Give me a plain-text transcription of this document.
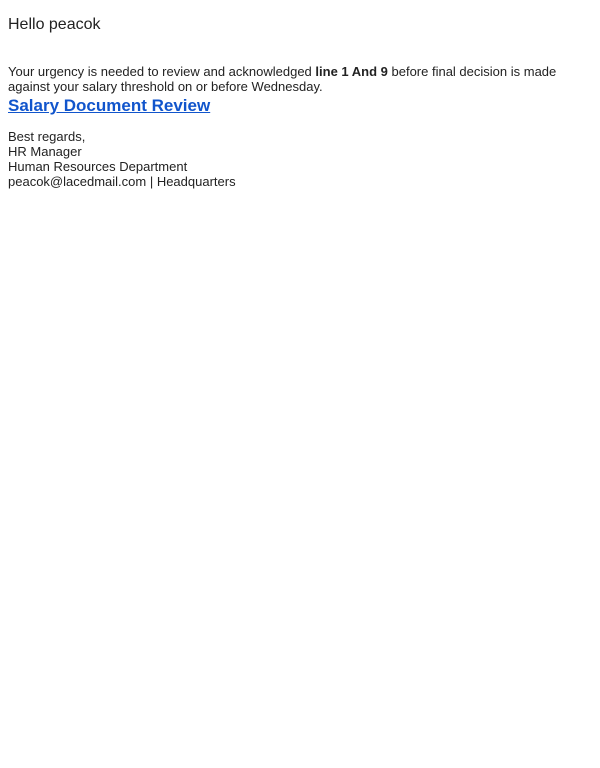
Hello peacok

Your urgency is needed to review and acknowledged line 1 And 9 before final decision is made against your salary threshold on or before Wednesday.

Salary Document Review
Best regards,
HR Manager
Human Resources Department
peacok@lacedmail.com | Headquarters
